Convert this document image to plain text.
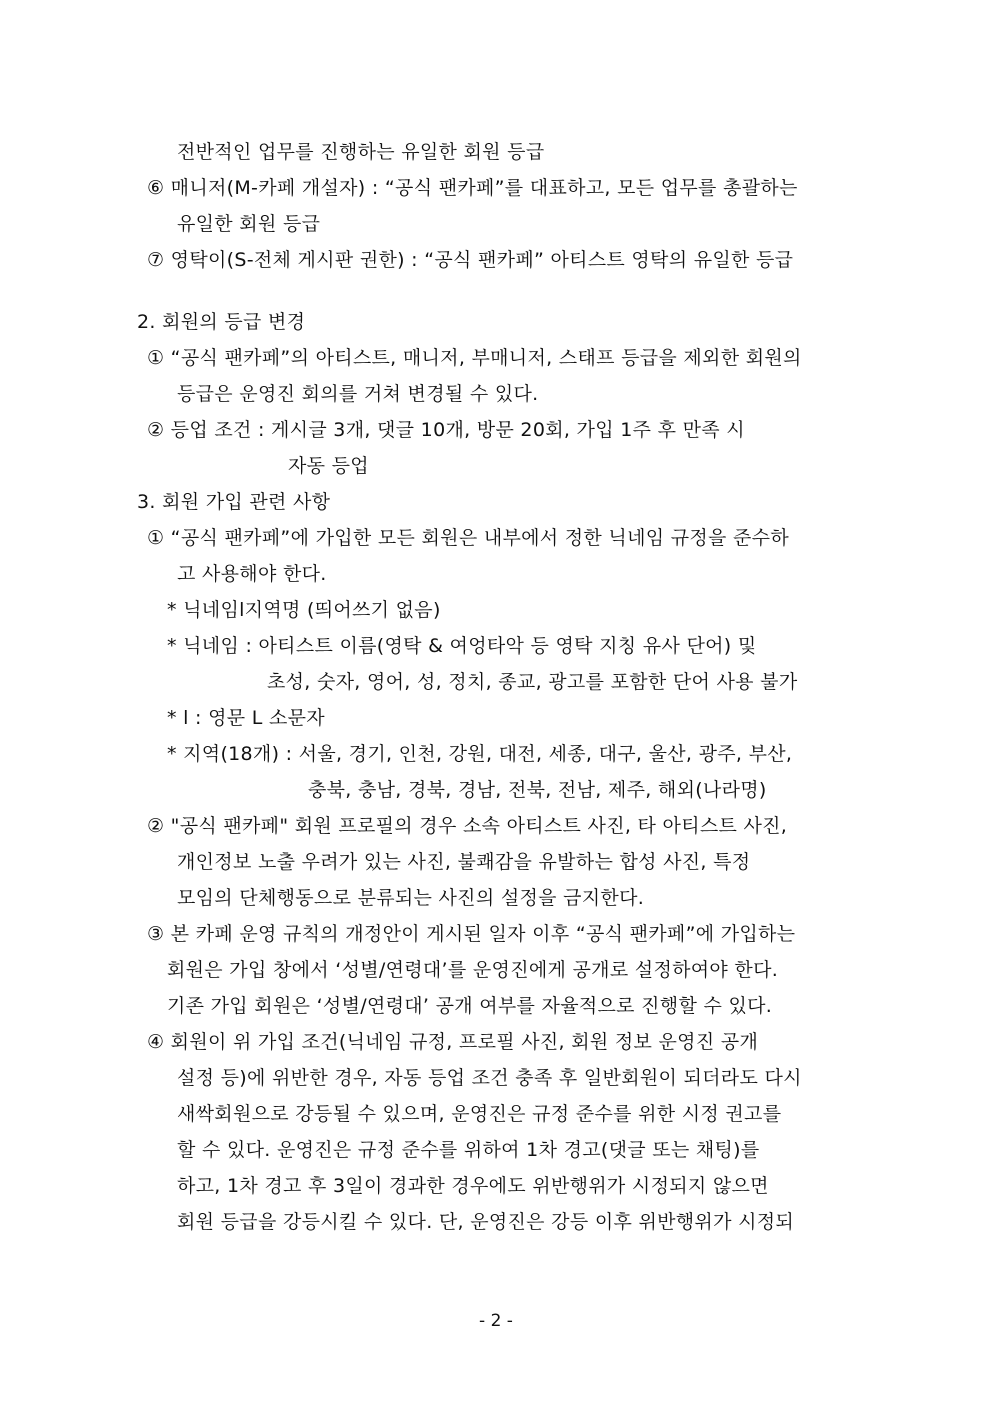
전반적인 업무를 진행하는 유일한 회원 등급
⑥ 매니저(M-카페 개설자) : “공식 팬카페”를 대표하고, 모든 업무를 총괄하는
유일한 회원 등급
⑦ 영탁이(S-전체 게시판 권한) : “공식 팬카페” 아티스트 영탁의 유일한 등급
2. 회원의 등급 변경
① “공식 팬카페”의 아티스트, 매니저, 부매니저, 스태프 등급을 제외한 회원의
등급은 운영진 회의를 거쳐 변경될 수 있다.
② 등업 조건 : 게시글 3개, 댓글 10개, 방문 20회, 가입 1주 후 만족 시
자동 등업
3. 회원 가입 관련 사항
① “공식 팬카페”에 가입한 모든 회원은 내부에서 정한 닉네임 규정을 준수하
고 사용해야 한다.
* 닉네임l지역명 (띄어쓰기 없음)
* 닉네임 : 아티스트 이름(영탁 & 여엉타악 등 영탁 지칭 유사 단어) 및
초성, 숫자, 영어, 성, 정치, 종교, 광고를 포함한 단어 사용 불가
* l : 영문 L 소문자
* 지역(18개) : 서울, 경기, 인천, 강원, 대전, 세종, 대구, 울산, 광주, 부산,
충북, 충남, 경북, 경남, 전북, 전남, 제주, 해외(나라명)
② "공식 팬카페" 회원 프로필의 경우 소속 아티스트 사진, 타 아티스트 사진,
개인정보 노출 우려가 있는 사진, 불쾌감을 유발하는 합성 사진, 특정
모임의 단체행동으로 분류되는 사진의 설정을 금지한다.
③ 본 카페 운영 규칙의 개정안이 게시된 일자 이후 “공식 팬카페”에 가입하는
회원은 가입 창에서 ‘성별/연령대’를 운영진에게 공개로 설정하여야 한다.
기존 가입 회원은 ‘성별/연령대’ 공개 여부를 자율적으로 진행할 수 있다.
④ 회원이 위 가입 조건(닉네임 규정, 프로필 사진, 회원 정보 운영진 공개
설정 등)에 위반한 경우, 자동 등업 조건 충족 후 일반회원이 되더라도 다시
새싹회원으로 강등될 수 있으며, 운영진은 규정 준수를 위한 시정 권고를
할 수 있다. 운영진은 규정 준수를 위하여 1차 경고(댓글 또는 채팅)를
하고, 1차 경고 후 3일이 경과한 경우에도 위반행위가 시정되지 않으면
회원 등급을 강등시킬 수 있다. 단, 운영진은 강등 이후 위반행위가 시정되
- 2 -
